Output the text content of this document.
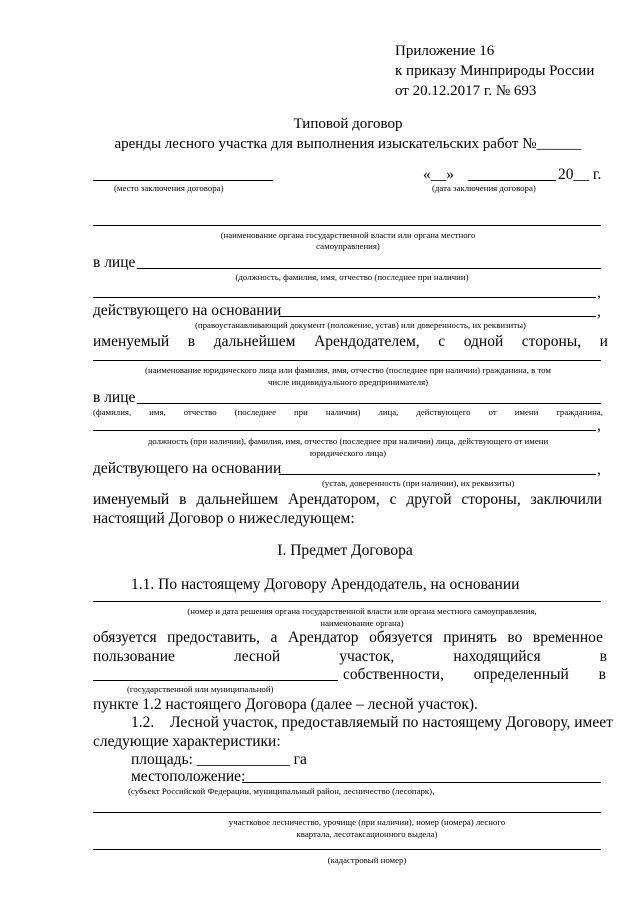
Приложение 16
к приказу Минприроды России
от 20.12.2017 г. № 693
Типовой договор
аренды лесного участка для выполнения изыскательских работ №______
«__»	20__ г.
(место заключения договора)	(дата заключения договора)
(наименование органа государственной власти или органа местного
самоуправления)
в лице
(должность, фамилия, имя, отчество (последнее при наличии)
,
действующего на основании	,
(правоустанавливающий документ (положение, устав) или доверенность, их реквизиты)
именуемый в дальнейшем Арендодателем, с одной стороны, и
(наименование юридического лица или фамилия, имя, отчество (последнее при наличии) гражданина, в том
числе индивидуального предпринимателя)
в лице
(фамилия, имя, отчество (последнее при наличии) лица, действующего от имени гражданина,
,
должность (при наличии), фамилия, имя, отчество (последнее при наличии) лица, действующего от имени
юридического лица)
действующего на основании	,
(устав, доверенность (при наличии), их реквизиты)
именуемый в дальнейшем Арендатором, с другой стороны, заключили
настоящий Договор о нижеследующем:
I. Предмет Договора
1.1. По настоящему Договору Арендодатель, на основании
(номер и дата решения органа государственной власти или органа местного самоуправления,
наименование органа)
обязуется предоставить, а Арендатор обязуется принять во временное
пользование	лесной	участок,	находящийся	в
собственности, определенный в
(государственной или муниципальной)
пункте 1.2 настоящего Договора (далее – лесной участок).
1.2. Лесной участок, предоставляемый по настоящему Договору, имеет
следующие характеристики:
площадь: ____________ га
местоположение:
(субъект Российской Федерации, муниципальный район, лесничество (лесопарк),
участковое лесничество, урочище (при наличии), номер (номера) лесного
квартала, лесотаксационного выдела)
(кадастровый номер)
